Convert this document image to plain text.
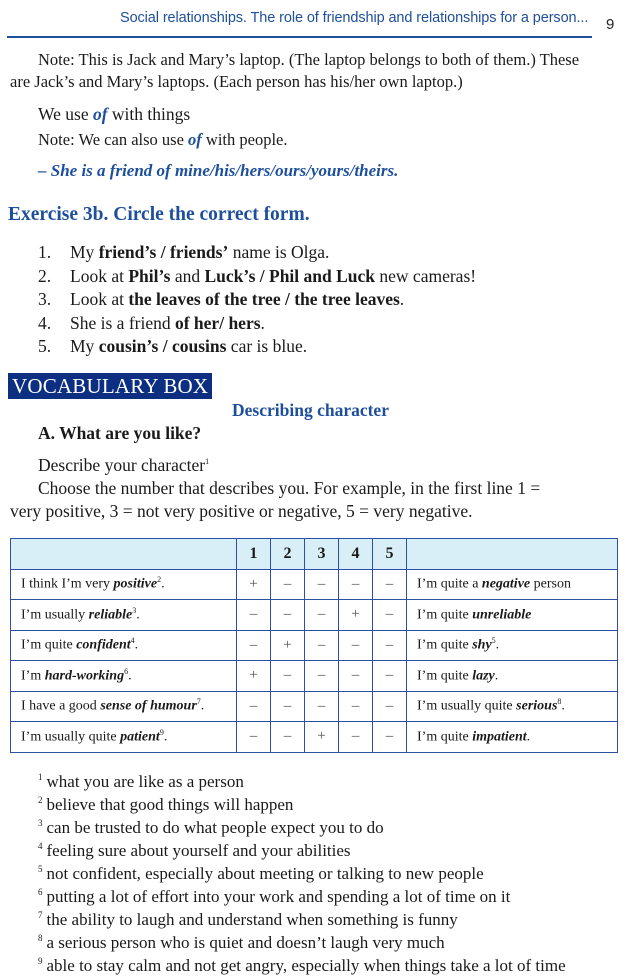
Social relationships. The role of friendship and relationships for a person... 9
Note: This is Jack and Mary’s laptop. (The laptop belongs to both of them.) These
are Jack’s and Mary’s laptops. (Each person has his/her own laptop.)
We use of with things
Note: We can also use of with people.
– She is a friend of mine/his/hers/ours/yours/theirs.
Exercise 3b. Circle the correct form.
1.	My friend’s / friends’ name is Olga.
2.	Look at Phil’s and Luck’s / Phil and Luck new cameras!
3.	Look at the leaves of the tree / the tree leaves.
4.	She is a friend of her/ hers.
5.	My cousin’s / cousins car is blue.
VOCABULARY BOX
Describing character
A. What are you like?
Describe your character$^1$
Choose the number that describes you. For example, in the first line 1 =
very positive, 3 = not very positive or negative, 5 = very negative.
	1	2	3	4	5	
I think I’m very positive$^2$.	+	–	–	–	–	I’m quite a negative person
I’m usually reliable$^3$.	–	–	–	+	–	I’m quite unreliable
I’m quite confident$^4$.	–	+	–	–	–	I’m quite shy$^5$.
I’m hard-working$^6$.	+	–	–	–	–	I’m quite lazy.
I have a good sense of humour$^7$.	–	–	–	–	–	I’m usually quite serious$^8$.
I’m usually quite patient$^9$.	–	–	+	–	–	I’m quite impatient.
$^1$ what you are like as a person
$^2$ believe that good things will happen
$^3$ can be trusted to do what people expect you to do
$^4$ feeling sure about yourself and your abilities
$^5$ not confident, especially about meeting or talking to new people
$^6$ putting a lot of effort into your work and spending a lot of time on it
$^7$ the ability to laugh and understand when something is funny
$^8$ a serious person who is quiet and doesn’t laugh very much
$^9$ able to stay calm and not get angry, especially when things take a lot of time
